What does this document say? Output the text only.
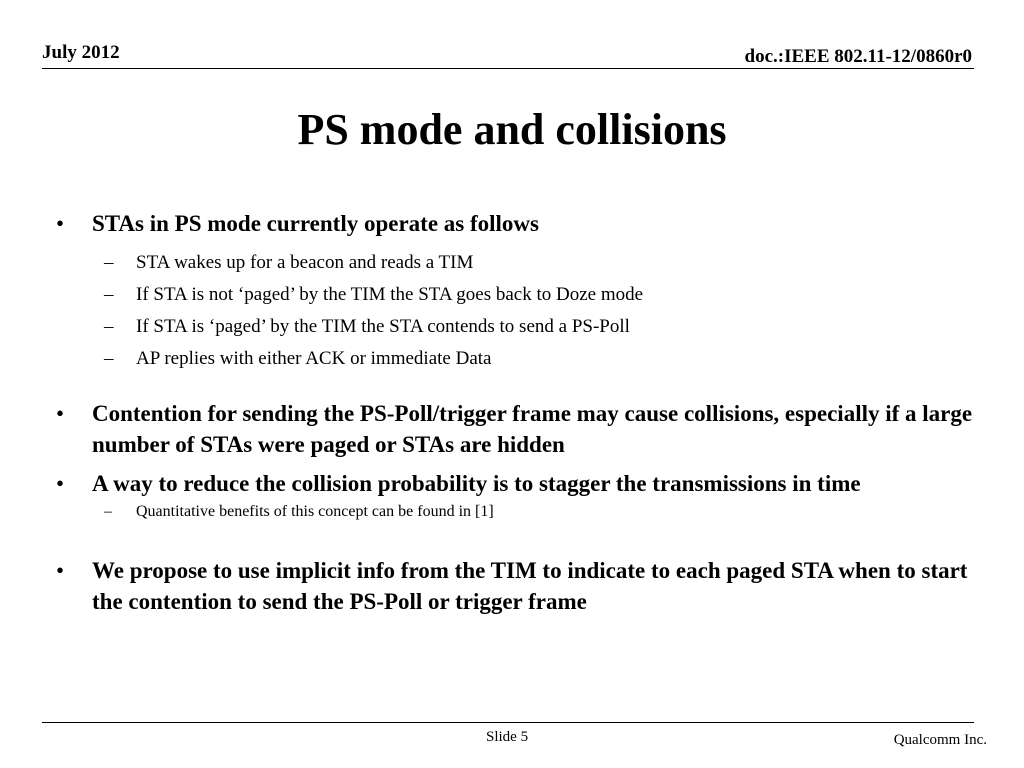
July 2012	doc.:IEEE 802.11-12/0860r0
PS mode and collisions
• STAs in PS mode currently operate as follows
– STA wakes up for a beacon and reads a TIM
– If STA is not ‘paged’ by the TIM the STA goes back to Doze mode
– If STA is ‘paged’ by the TIM the STA contends to send a PS-Poll
– AP replies with either ACK or immediate Data
• Contention for sending the PS-Poll/trigger frame may cause collisions, especially if a large number of STAs were paged or STAs are hidden
• A way to reduce the collision probability is to stagger the transmissions in time
– Quantitative benefits of this concept can be found in [1]
• We propose to use implicit info from the TIM to indicate to each paged STA when to start the contention to send the PS-Poll or trigger frame
Slide 5	Qualcomm Inc.
